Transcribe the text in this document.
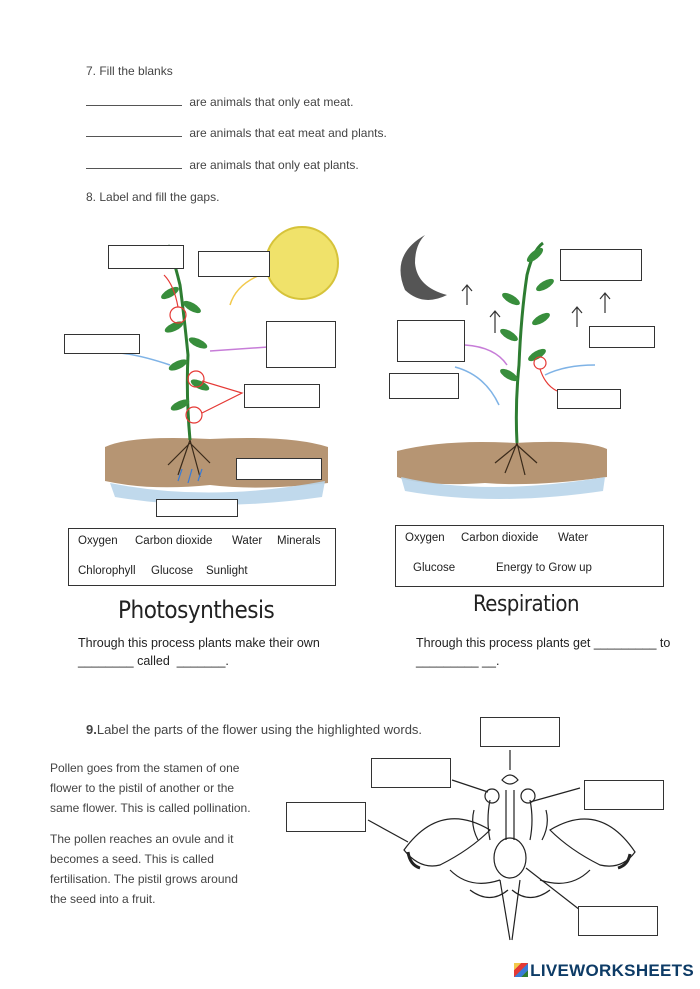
7. Fill the blanks
are animals that only eat meat.
are animals that eat meat and plants.
are animals that only eat plants.
8. Label and fill the gaps.
Oxygen Carbon dioxide Water Minerals
Chlorophyll Glucose Sunlight
Oxygen Carbon dioxide Water
Glucose	Energy to Grow up
Photosynthesis	Respiration
Through this process plants make their own
________ called _______.
Through this process plants get _________ to
_________ __.
9.Label the parts of the flower using the highlighted words.
Pollen goes from the stamen of one
flower to the pistil of another or the
same flower. This is called pollination.
The pollen reaches an ovule and it
becomes a seed. This is called
fertilisation. The pistil grows around
the seed into a fruit.
LIVEWORKSHEETS
